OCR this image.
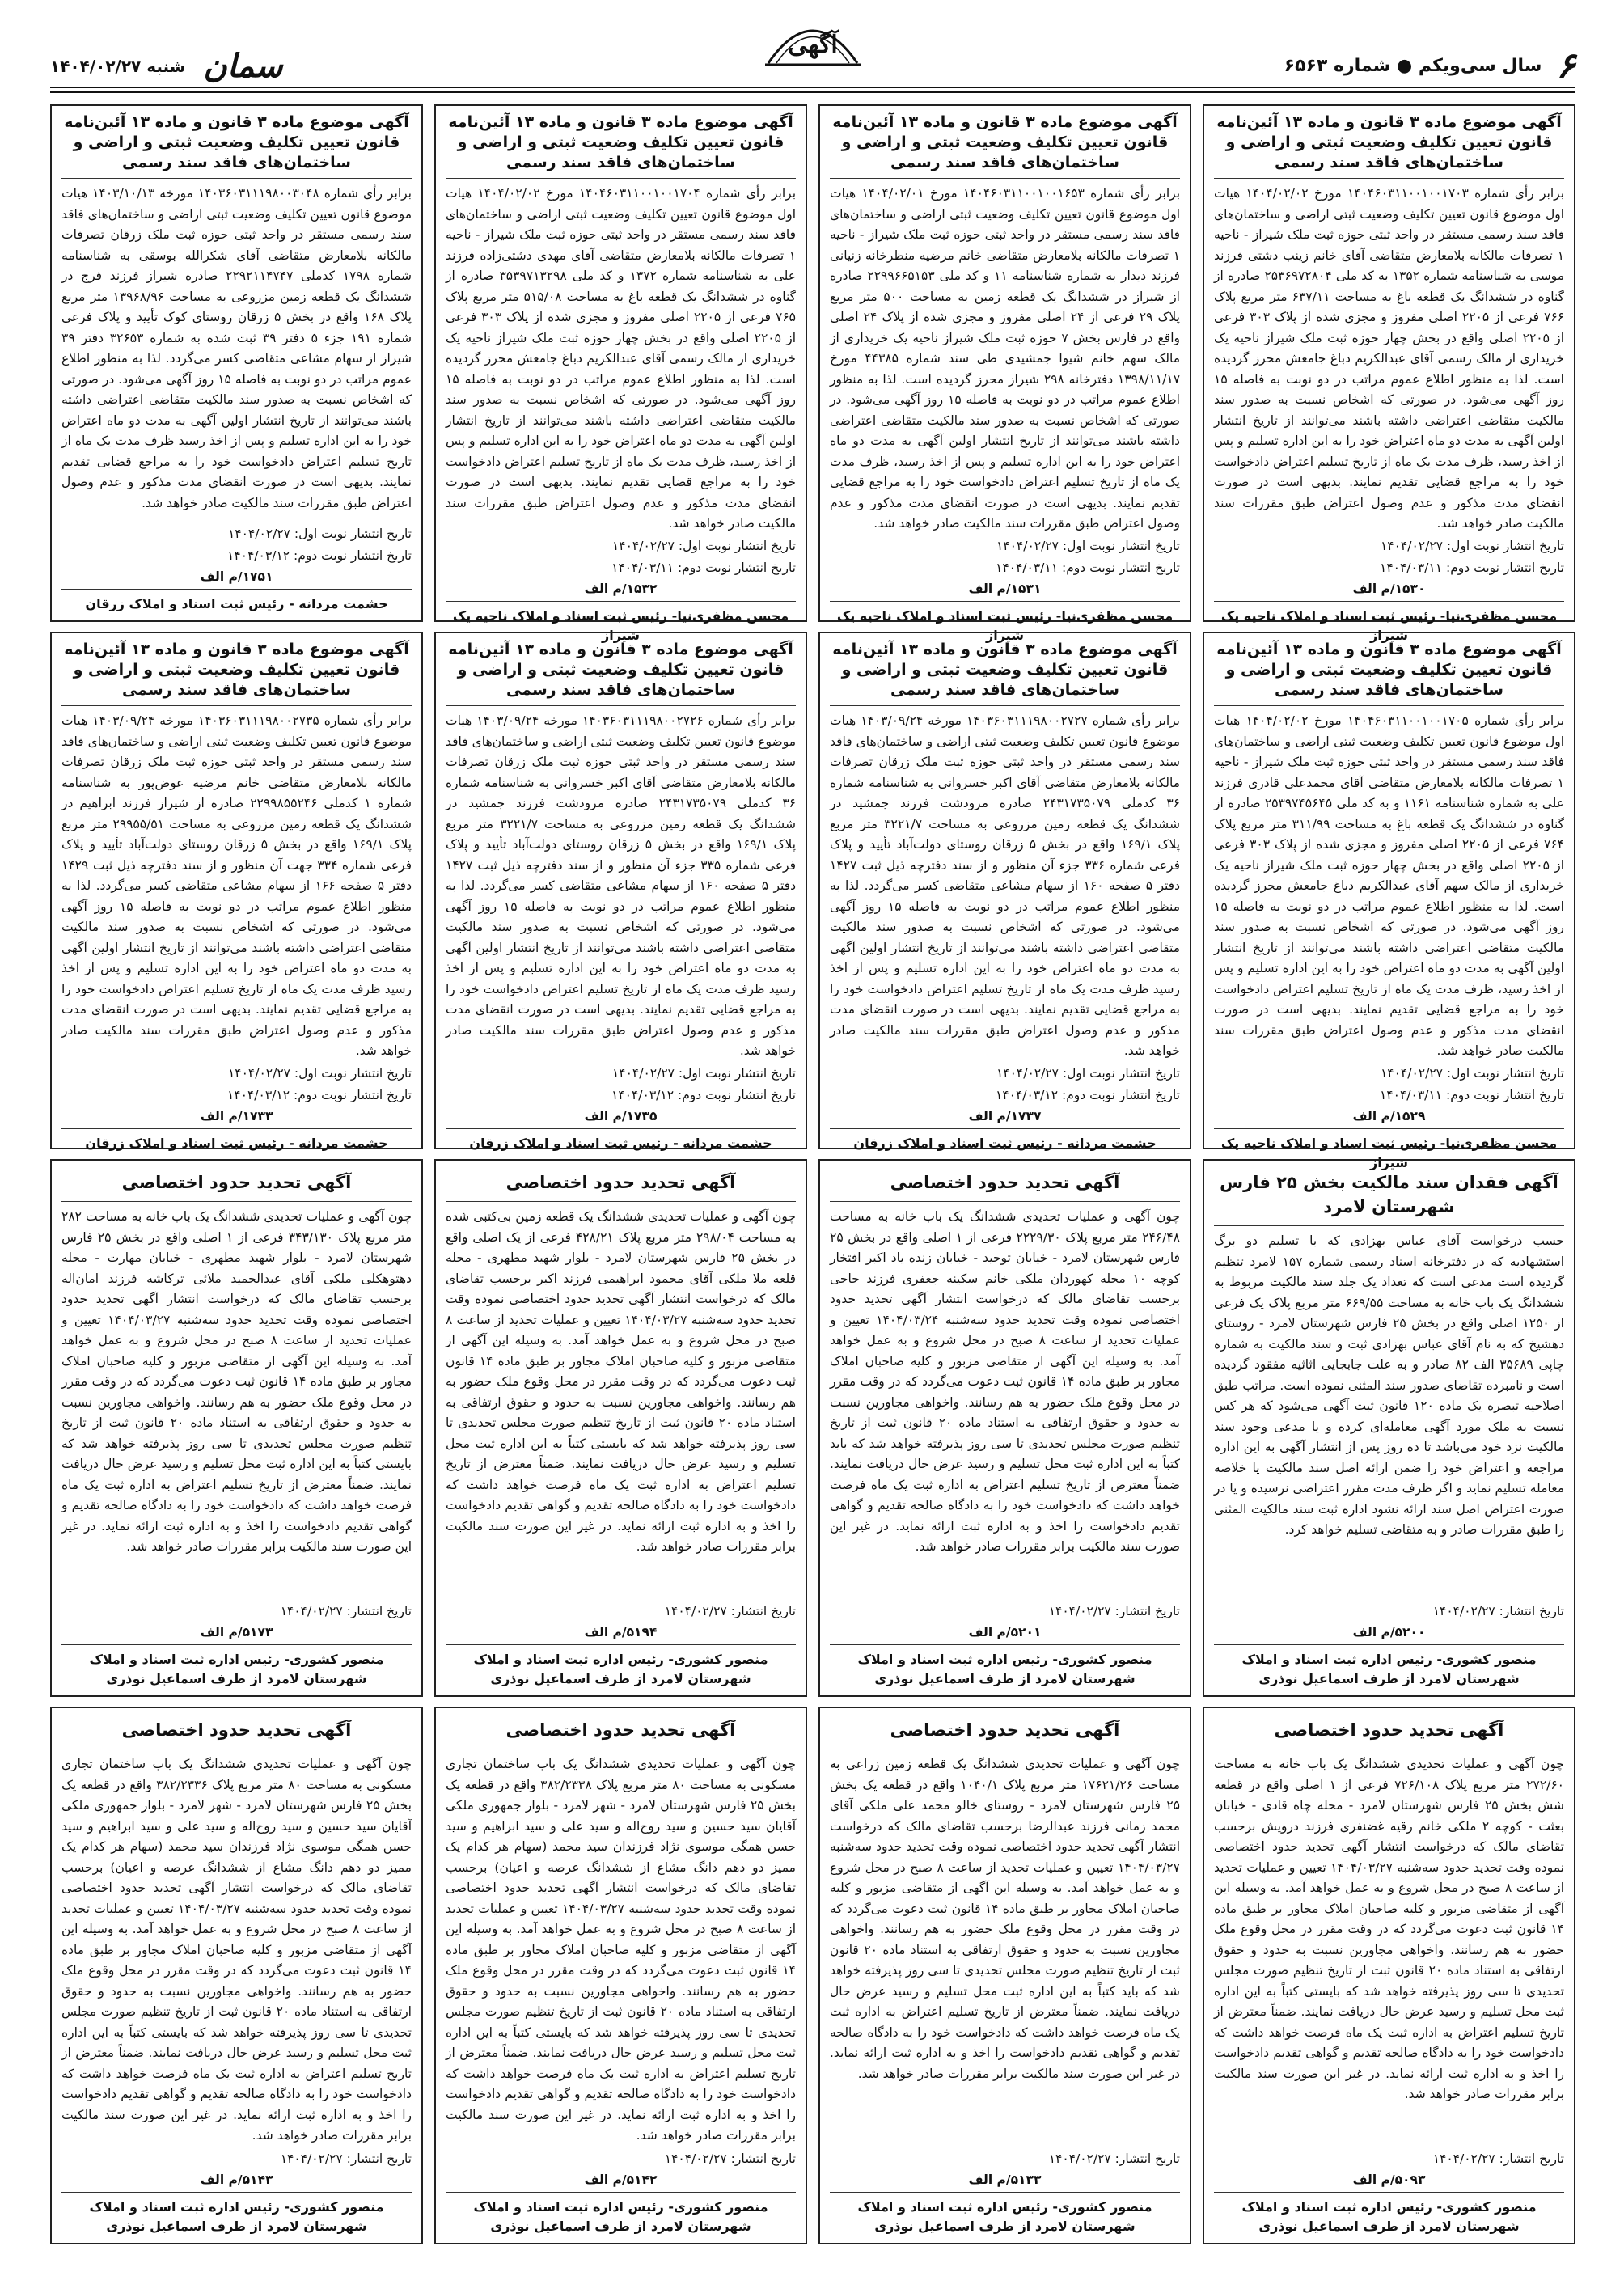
۶
سال سی‌ویکم ● شماره ۶۵۶۳
آگهی
سمان
شنبه ۱۴۰۴/۰۲/۲۷
آگهی موضوع ماده ۳ قانون و ماده ۱۳ آئین‌نامه قانون تعیین تکلیف وضعیت ثبتی و اراضی و ساختمان‌های فاقد سند رسمی
برابر رأی شماره ۱۴۰۴۶۰۳۱۱۰۰۱۰۰۱۷۰۳ مورخ ۱۴۰۴/۰۲/۰۲ هیات اول موضوع قانون تعیین تکلیف وضعیت ثبتی اراضی و ساختمان‌های فاقد سند رسمی مستقر در واحد ثبتی حوزه ثبت ملک شیراز - ناحیه ۱ تصرفات مالکانه بلامعارض متقاضی آقای خانم زینب دشتی فرزند موسی به شناسنامه شماره ۱۳۵۲ به کد ملی ۲۵۳۶۹۷۲۸۰۴ صادره از گناوه در ششدانگ یک قطعه باغ به مساحت ۶۳۷/۱۱ متر مربع پلاک ۷۶۶ فرعی از ۲۲۰۵ اصلی مفروز و مجزی شده از پلاک ۳۰۳ فرعی از ۲۲۰۵ اصلی واقع در بخش چهار حوزه ثبت ملک شیراز ناحیه یک خریداری از مالک رسمی آقای عبدالکریم دباغ جامعش محرز گردیده است. لذا به منظور اطلاع عموم مراتب در دو نوبت به فاصله ۱۵ روز آگهی می‌شود. در صورتی که اشخاص نسبت به صدور سند مالکیت متقاضی اعتراضی داشته باشند می‌توانند از تاریخ انتشار اولین آگهی به مدت دو ماه اعتراض خود را به این اداره تسلیم و پس از اخذ رسید، ظرف مدت یک ماه از تاریخ تسلیم اعتراض دادخواست خود را به مراجع قضایی تقدیم نمایند. بدیهی است در صورت انقضای مدت مذکور و عدم وصول اعتراض طبق مقررات سند مالکیت صادر خواهد شد.
تاریخ انتشار نوبت اول: ۱۴۰۴/۰۲/۲۷
تاریخ انتشار نوبت دوم: ۱۴۰۴/۰۳/۱۱
۱۵۳۰/م الف
محسن مظفری‌نیا- رئیس ثبت اسناد و املاک ناحیه یک شیراز
آگهی موضوع ماده ۳ قانون و ماده ۱۳ آئین‌نامه قانون تعیین تکلیف وضعیت ثبتی و اراضی و ساختمان‌های فاقد سند رسمی
برابر رأی شماره ۱۴۰۴۶۰۳۱۱۰۰۱۰۰۱۶۵۳ مورخ ۱۴۰۴/۰۲/۰۱ هیات اول موضوع قانون تعیین تکلیف وضعیت ثبتی اراضی و ساختمان‌های فاقد سند رسمی مستقر در واحد ثبتی حوزه ثبت ملک شیراز - ناحیه ۱ تصرفات مالکانه بلامعارض متقاضی خانم مرضیه منظرخانه زنیانی فرزند دیدار به شماره شناسنامه ۱۱ و کد ملی ۲۲۹۹۶۶۵۱۵۳ صادره از شیراز در ششدانگ یک قطعه زمین به مساحت ۵۰۰ متر مربع پلاک ۲۹ فرعی از ۲۴ اصلی مفروز و مجزی شده از پلاک ۲۴ اصلی واقع در فارس بخش ۷ حوزه ثبت ملک شیراز ناحیه یک خریداری از مالک سهم خانم شیوا جمشیدی طی سند شماره ۴۴۳۸۵ مورخ ۱۳۹۸/۱۱/۱۷ دفترخانه ۲۹۸ شیراز محرز گردیده است. لذا به منظور اطلاع عموم مراتب در دو نوبت به فاصله ۱۵ روز آگهی می‌شود. در صورتی که اشخاص نسبت به صدور سند مالکیت متقاضی اعتراضی داشته باشند می‌توانند از تاریخ انتشار اولین آگهی به مدت دو ماه اعتراض خود را به این اداره تسلیم و پس از اخذ رسید، ظرف مدت یک ماه از تاریخ تسلیم اعتراض دادخواست خود را به مراجع قضایی تقدیم نمایند. بدیهی است در صورت انقضای مدت مذکور و عدم وصول اعتراض طبق مقررات سند مالکیت صادر خواهد شد.
تاریخ انتشار نوبت اول: ۱۴۰۴/۰۲/۲۷
تاریخ انتشار نوبت دوم: ۱۴۰۴/۰۳/۱۱
۱۵۳۱/م الف
محسن مظفری‌نیا- رئیس ثبت اسناد و املاک ناحیه یک شیراز
آگهی موضوع ماده ۳ قانون و ماده ۱۳ آئین‌نامه قانون تعیین تکلیف وضعیت ثبتی و اراضی و ساختمان‌های فاقد سند رسمی
برابر رأی شماره ۱۴۰۴۶۰۳۱۱۰۰۱۰۰۱۷۰۴ مورخ ۱۴۰۴/۰۲/۰۲ هیات اول موضوع قانون تعیین تکلیف وضعیت ثبتی اراضی و ساختمان‌های فاقد سند رسمی مستقر در واحد ثبتی حوزه ثبت ملک شیراز - ناحیه ۱ تصرفات مالکانه بلامعارض متقاضی آقای مهدی دشتی‌زاده فرزند علی به شناسنامه شماره ۱۳۷۲ و کد ملی ۳۵۳۹۷۱۳۲۹۸ صادره از گناوه در ششدانگ یک قطعه باغ به مساحت ۵۱۵/۰۸ متر مربع پلاک ۷۶۵ فرعی از ۲۲۰۵ اصلی مفروز و مجزی شده از پلاک ۳۰۳ فرعی از ۲۲۰۵ اصلی واقع در بخش چهار حوزه ثبت ملک شیراز ناحیه یک خریداری از مالک رسمی آقای عبدالکریم دباغ جامعش محرز گردیده است. لذا به منظور اطلاع عموم مراتب در دو نوبت به فاصله ۱۵ روز آگهی می‌شود. در صورتی که اشخاص نسبت به صدور سند مالکیت متقاضی اعتراضی داشته باشند می‌توانند از تاریخ انتشار اولین آگهی به مدت دو ماه اعتراض خود را به این اداره تسلیم و پس از اخذ رسید، ظرف مدت یک ماه از تاریخ تسلیم اعتراض دادخواست خود را به مراجع قضایی تقدیم نمایند. بدیهی است در صورت انقضای مدت مذکور و عدم وصول اعتراض طبق مقررات سند مالکیت صادر خواهد شد.
تاریخ انتشار نوبت اول: ۱۴۰۴/۰۲/۲۷
تاریخ انتشار نوبت دوم: ۱۴۰۴/۰۳/۱۱
۱۵۳۲/م الف
محسن مظفری‌نیا- رئیس ثبت اسناد و املاک ناحیه یک شیراز
آگهی موضوع ماده ۳ قانون و ماده ۱۳ آئین‌نامه قانون تعیین تکلیف وضعیت ثبتی و اراضی و ساختمان‌های فاقد سند رسمی
برابر رأی شماره ۱۴۰۳۶۰۳۱۱۱۹۸۰۰۳۰۴۸ مورخه ۱۴۰۳/۱۰/۱۳ هیات موضوع قانون تعیین تکلیف وضعیت ثبتی اراضی و ساختمان‌های فاقد سند رسمی مستقر در واحد ثبتی حوزه ثبت ملک زرقان تصرفات مالکانه بلامعارض متقاضی آقای شکرالله بوسقی به شناسنامه شماره ۱۷۹۸ کدملی ۲۲۹۲۱۱۴۷۴۷ صادره شیراز فرزند فرج در ششدانگ یک قطعه زمین مزروعی به مساحت ۱۳۹۶۸/۹۶ متر مربع پلاک ۱۶۸ واقع در بخش ۵ زرقان روستای کوک تأیید و پلاک فرعی شماره ۱۹۱ جزء ۵ دفتر ۳۹ ثبت شده به شماره ۳۲۶۵۳ دفتر ۳۹ شیراز از سهام مشاعی متقاضی کسر می‌گردد. لذا به منظور اطلاع عموم مراتب در دو نوبت به فاصله ۱۵ روز آگهی می‌شود. در صورتی که اشخاص نسبت به صدور سند مالکیت متقاضی اعتراضی داشته باشند می‌توانند از تاریخ انتشار اولین آگهی به مدت دو ماه اعتراض خود را به این اداره تسلیم و پس از اخذ رسید ظرف مدت یک ماه از تاریخ تسلیم اعتراض دادخواست خود را به مراجع قضایی تقدیم نمایند. بدیهی است در صورت انقضای مدت مذکور و عدم وصول اعتراض طبق مقررات سند مالکیت صادر خواهد شد.
تاریخ انتشار نوبت اول: ۱۴۰۴/۰۲/۲۷
تاریخ انتشار نوبت دوم: ۱۴۰۴/۰۳/۱۲
۱۷۵۱/م الف
حشمت مردانه - رئیس ثبت اسناد و املاک زرقان
آگهی موضوع ماده ۳ قانون و ماده ۱۳ آئین‌نامه قانون تعیین تکلیف وضعیت ثبتی و اراضی و ساختمان‌های فاقد سند رسمی
برابر رأی شماره ۱۴۰۴۶۰۳۱۱۰۰۱۰۰۱۷۰۵ مورخ ۱۴۰۴/۰۲/۰۲ هیات اول موضوع قانون تعیین تکلیف وضعیت ثبتی اراضی و ساختمان‌های فاقد سند رسمی مستقر در واحد ثبتی حوزه ثبت ملک شیراز - ناحیه ۱ تصرفات مالکانه بلامعارض متقاضی آقای محمدعلی قادری فرزند علی به شماره شناسنامه ۱۱۶۱ و به کد ملی ۲۵۳۹۷۴۵۶۴۵ صادره از گناوه در ششدانگ یک قطعه باغ به مساحت ۳۱۱/۹۹ متر مربع پلاک ۷۶۴ فرعی از ۲۲۰۵ اصلی مفروز و مجزی شده از پلاک ۳۰۳ فرعی از ۲۲۰۵ اصلی واقع در بخش چهار حوزه ثبت ملک شیراز ناحیه یک خریداری از مالک سهم آقای عبدالکریم دباغ جامعش محرز گردیده است. لذا به منظور اطلاع عموم مراتب در دو نوبت به فاصله ۱۵ روز آگهی می‌شود. در صورتی که اشخاص نسبت به صدور سند مالکیت متقاضی اعتراضی داشته باشند می‌توانند از تاریخ انتشار اولین آگهی به مدت دو ماه اعتراض خود را به این اداره تسلیم و پس از اخذ رسید، ظرف مدت یک ماه از تاریخ تسلیم اعتراض دادخواست خود را به مراجع قضایی تقدیم نمایند. بدیهی است در صورت انقضای مدت مذکور و عدم وصول اعتراض طبق مقررات سند مالکیت صادر خواهد شد.
تاریخ انتشار نوبت اول: ۱۴۰۴/۰۲/۲۷
تاریخ انتشار نوبت دوم: ۱۴۰۴/۰۳/۱۱
۱۵۲۹/م الف
محسن مظفری‌نیا- رئیس ثبت اسناد و املاک ناحیه یک شیراز
آگهی موضوع ماده ۳ قانون و ماده ۱۳ آئین‌نامه قانون تعیین تکلیف وضعیت ثبتی و اراضی و ساختمان‌های فاقد سند رسمی
برابر رأی شماره ۱۴۰۳۶۰۳۱۱۱۹۸۰۰۲۷۲۷ مورخه ۱۴۰۳/۰۹/۲۴ هیات موضوع قانون تعیین تکلیف وضعیت ثبتی اراضی و ساختمان‌های فاقد سند رسمی مستقر در واحد ثبتی حوزه ثبت ملک زرقان تصرفات مالکانه بلامعارض متقاضی آقای اکبر خسروانی به شناسنامه شماره ۳۶ کدملی ۲۴۳۱۷۳۵۰۷۹ صادره مرودشت فرزند جمشید در ششدانگ یک قطعه زمین مزروعی به مساحت ۳۲۲۱/۷ متر مربع پلاک ۱۶۹/۱ واقع در بخش ۵ زرقان روستای دولت‌آباد تأیید و پلاک فرعی شماره ۳۳۶ جزء آن منظور و از سند دفترچه ذیل ثبت ۱۴۲۷ دفتر ۵ صفحه ۱۶۰ از سهام مشاعی متقاضی کسر می‌گردد. لذا به منظور اطلاع عموم مراتب در دو نوبت به فاصله ۱۵ روز آگهی می‌شود. در صورتی که اشخاص نسبت به صدور سند مالکیت متقاضی اعتراضی داشته باشند می‌توانند از تاریخ انتشار اولین آگهی به مدت دو ماه اعتراض خود را به این اداره تسلیم و پس از اخذ رسید ظرف مدت یک ماه از تاریخ تسلیم اعتراض دادخواست خود را به مراجع قضایی تقدیم نمایند. بدیهی است در صورت انقضای مدت مذکور و عدم وصول اعتراض طبق مقررات سند مالکیت صادر خواهد شد.
تاریخ انتشار نوبت اول: ۱۴۰۴/۰۲/۲۷
تاریخ انتشار نوبت دوم: ۱۴۰۴/۰۳/۱۲
۱۷۳۷/م الف
حشمت مردانه - رئیس ثبت اسناد و املاک زرقان
آگهی موضوع ماده ۳ قانون و ماده ۱۳ آئین‌نامه قانون تعیین تکلیف وضعیت ثبتی و اراضی و ساختمان‌های فاقد سند رسمی
برابر رأی شماره ۱۴۰۳۶۰۳۱۱۱۹۸۰۰۲۷۲۶ مورخه ۱۴۰۳/۰۹/۲۴ هیات موضوع قانون تعیین تکلیف وضعیت ثبتی اراضی و ساختمان‌های فاقد سند رسمی مستقر در واحد ثبتی حوزه ثبت ملک زرقان تصرفات مالکانه بلامعارض متقاضی آقای اکبر خسروانی به شناسنامه شماره ۳۶ کدملی ۲۴۳۱۷۳۵۰۷۹ صادره مرودشت فرزند جمشید در ششدانگ یک قطعه زمین مزروعی به مساحت ۳۲۲۱/۷ متر مربع پلاک ۱۶۹/۱ واقع در بخش ۵ زرقان روستای دولت‌آباد تأیید و پلاک فرعی شماره ۳۳۵ جزء آن منظور و از سند دفترچه ذیل ثبت ۱۴۲۷ دفتر ۵ صفحه ۱۶۰ از سهام مشاعی متقاضی کسر می‌گردد. لذا به منظور اطلاع عموم مراتب در دو نوبت به فاصله ۱۵ روز آگهی می‌شود. در صورتی که اشخاص نسبت به صدور سند مالکیت متقاضی اعتراضی داشته باشند می‌توانند از تاریخ انتشار اولین آگهی به مدت دو ماه اعتراض خود را به این اداره تسلیم و پس از اخذ رسید ظرف مدت یک ماه از تاریخ تسلیم اعتراض دادخواست خود را به مراجع قضایی تقدیم نمایند. بدیهی است در صورت انقضای مدت مذکور و عدم وصول اعتراض طبق مقررات سند مالکیت صادر خواهد شد.
تاریخ انتشار نوبت اول: ۱۴۰۴/۰۲/۲۷
تاریخ انتشار نوبت دوم: ۱۴۰۴/۰۳/۱۲
۱۷۳۵/م الف
حشمت مردانه - رئیس ثبت اسناد و املاک زرقان
آگهی موضوع ماده ۳ قانون و ماده ۱۳ آئین‌نامه قانون تعیین تکلیف وضعیت ثبتی و اراضی و ساختمان‌های فاقد سند رسمی
برابر رأی شماره ۱۴۰۳۶۰۳۱۱۱۹۸۰۰۲۷۳۵ مورخه ۱۴۰۳/۰۹/۲۴ هیات موضوع قانون تعیین تکلیف وضعیت ثبتی اراضی و ساختمان‌های فاقد سند رسمی مستقر در واحد ثبتی حوزه ثبت ملک زرقان تصرفات مالکانه بلامعارض متقاضی خانم مرضیه عوض‌پور به شناسنامه شماره ۱ کدملی ۲۲۹۹۸۵۵۲۴۶ صادره از شیراز فرزند ابراهیم در ششدانگ یک قطعه زمین مزروعی به مساحت ۲۹۹۵۵/۵۱ متر مربع پلاک ۱۶۹/۱ واقع در بخش ۵ زرقان روستای دولت‌آباد تأیید و پلاک فرعی شماره ۳۳۴ جهت آن منظور و از سند دفترچه ذیل ثبت ۱۴۲۹ دفتر ۵ صفحه ۱۶۶ از سهام مشاعی متقاضی کسر می‌گردد. لذا به منظور اطلاع عموم مراتب در دو نوبت به فاصله ۱۵ روز آگهی می‌شود. در صورتی که اشخاص نسبت به صدور سند مالکیت متقاضی اعتراضی داشته باشند می‌توانند از تاریخ انتشار اولین آگهی به مدت دو ماه اعتراض خود را به این اداره تسلیم و پس از اخذ رسید ظرف مدت یک ماه از تاریخ تسلیم اعتراض دادخواست خود را به مراجع قضایی تقدیم نمایند. بدیهی است در صورت انقضای مدت مذکور و عدم وصول اعتراض طبق مقررات سند مالکیت صادر خواهد شد.
تاریخ انتشار نوبت اول: ۱۴۰۴/۰۲/۲۷
تاریخ انتشار نوبت دوم: ۱۴۰۴/۰۳/۱۲
۱۷۳۳/م الف
حشمت مردانه - رئیس ثبت اسناد و املاک زرقان
آگهی فقدان سند مالکیت بخش ۲۵ فارس شهرستان لامرد
حسب درخواست آقای عباس بهزادی که با تسلیم دو برگ استشهادیه که در دفترخانه اسناد رسمی شماره ۱۵۷ لامرد تنظیم گردیده است مدعی است که تعداد یک جلد سند مالکیت مربوط به ششدانگ یک باب خانه به مساحت ۶۶۹/۵۵ متر مربع پلاک یک فرعی از ۱۲۵۰ اصلی واقع در بخش ۲۵ فارس شهرستان لامرد - روستای دهشیخ که به نام آقای عباس بهزادی ثبت و سند مالکیت به شماره چاپی ۳۵۶۸۹ الف ۸۲ صادر و به علت جابجایی اثاثیه مفقود گردیده است و نامبرده تقاضای صدور سند المثنی نموده است. مراتب طبق اصلاحیه تبصره یک ماده ۱۲۰ قانون ثبت آگهی می‌شود که هر کس نسبت به ملک مورد آگهی معامله‌ای کرده و یا مدعی وجود سند مالکیت نزد خود می‌باشد تا ده روز پس از انتشار آگهی به این اداره مراجعه و اعتراض خود را ضمن ارائه اصل سند مالکیت یا خلاصه معامله تسلیم نماید و اگر ظرف مدت مقرر اعتراضی نرسیده و یا در صورت اعتراض اصل سند ارائه نشود اداره ثبت سند مالکیت المثنی را طبق مقررات صادر و به متقاضی تسلیم خواهد کرد.
تاریخ انتشار: ۱۴۰۴/۰۲/۲۷
۵۲۰۰/م الف
منصور کشوری- رئیس اداره ثبت اسناد و املاک شهرستان لامرد از طرف اسماعیل نوذری
آگهی تحدید حدود اختصاصی
چون آگهی و عملیات تحدیدی ششدانگ یک باب خانه به مساحت ۲۴۶/۴۸ متر مربع پلاک ۲۲۲۹/۳۰ فرعی از ۱ اصلی واقع در بخش ۲۵ فارس شهرستان لامرد - خیابان توحید - خیابان زنده یاد اکبر افتخار کوچه ۱۰ محله کهوردان ملکی خانم سکینه جعفری فرزند حاجی برحسب تقاضای مالک که درخواست انتشار آگهی تحدید حدود اختصاصی نموده وقت تحدید حدود سه‌شنبه ۱۴۰۴/۰۳/۲۴ تعیین و عملیات تحدید از ساعت ۸ صبح در محل شروع و به عمل خواهد آمد. به وسیله این آگهی از متقاضی مزبور و کلیه صاحبان املاک مجاور بر طبق ماده ۱۴ قانون ثبت دعوت می‌گردد که در وقت مقرر در محل وقوع ملک حضور به هم رسانند. واخواهی مجاورین نسبت به حدود و حقوق ارتفاقی به استناد ماده ۲۰ قانون ثبت از تاریخ تنظیم صورت مجلس تحدیدی تا سی روز پذیرفته خواهد شد که باید کتباً به این اداره ثبت محل تسلیم و رسید عرض حال دریافت نمایند. ضمناً معترض از تاریخ تسلیم اعتراض به اداره ثبت یک ماه فرصت خواهد داشت که دادخواست خود را به دادگاه صالحه تقدیم و گواهی تقدیم دادخواست را اخذ و به اداره ثبت ارائه نماید. در غیر این صورت سند مالکیت برابر مقررات صادر خواهد شد.
تاریخ انتشار: ۱۴۰۴/۰۲/۲۷
۵۲۰۱/م الف
منصور کشوری- رئیس اداره ثبت اسناد و املاک شهرستان لامرد از طرف اسماعیل نوذری
آگهی تحدید حدود اختصاصی
چون آگهی و عملیات تحدیدی ششدانگ یک قطعه زمین بی‌کتبی شده به مساحت ۲۹۸/۰۴ متر مربع پلاک ۴۲۸/۲۱ فرعی از یک اصلی واقع در بخش ۲۵ فارس شهرستان لامرد - بلوار شهید مطهری - محله قلعه ملا ملکی آقای محمود ابراهیمی فرزند اکبر برحسب تقاضای مالک که درخواست انتشار آگهی تحدید حدود اختصاصی نموده وقت تحدید حدود سه‌شنبه ۱۴۰۴/۰۳/۲۷ تعیین و عملیات تحدید از ساعت ۸ صبح در محل شروع و به عمل خواهد آمد. به وسیله این آگهی از متقاضی مزبور و کلیه صاحبان املاک مجاور بر طبق ماده ۱۴ قانون ثبت دعوت می‌گردد که در وقت مقرر در محل وقوع ملک حضور به هم رسانند. واخواهی مجاورین نسبت به حدود و حقوق ارتفاقی به استناد ماده ۲۰ قانون ثبت از تاریخ تنظیم صورت مجلس تحدیدی تا سی روز پذیرفته خواهد شد که بایستی کتباً به این اداره ثبت محل تسلیم و رسید عرض حال دریافت نمایند. ضمناً معترض از تاریخ تسلیم اعتراض به اداره ثبت یک ماه فرصت خواهد داشت که دادخواست خود را به دادگاه صالحه تقدیم و گواهی تقدیم دادخواست را اخذ و به اداره ثبت ارائه نماید. در غیر این صورت سند مالکیت برابر مقررات صادر خواهد شد.
تاریخ انتشار: ۱۴۰۴/۰۲/۲۷
۵۱۹۴/م الف
منصور کشوری- رئیس اداره ثبت اسناد و املاک شهرستان لامرد از طرف اسماعیل نوذری
آگهی تحدید حدود اختصاصی
چون آگهی و عملیات تحدیدی ششدانگ یک باب خانه به مساحت ۲۸۲ متر مربع پلاک ۳۴۳/۱۳۰ فرعی از ۱ اصلی واقع در بخش ۲۵ فارس شهرستان لامرد - بلوار شهید مطهری - خیابان مهارت - محله دهتوهکلی ملکی آقای عبدالحمید ملائی ترکاشه فرزند امان‌اله برحسب تقاضای مالک که درخواست انتشار آگهی تحدید حدود اختصاصی نموده وقت تحدید حدود سه‌شنبه ۱۴۰۴/۰۳/۲۷ تعیین و عملیات تحدید از ساعت ۸ صبح در محل شروع و به عمل خواهد آمد. به وسیله این آگهی از متقاضی مزبور و کلیه صاحبان املاک مجاور بر طبق ماده ۱۴ قانون ثبت دعوت می‌گردد که در وقت مقرر در محل وقوع ملک حضور به هم رسانند. واخواهی مجاورین نسبت به حدود و حقوق ارتفاقی به استناد ماده ۲۰ قانون ثبت از تاریخ تنظیم صورت مجلس تحدیدی تا سی روز پذیرفته خواهد شد که بایستی کتباً به این اداره ثبت محل تسلیم و رسید عرض حال دریافت نمایند. ضمناً معترض از تاریخ تسلیم اعتراض به اداره ثبت یک ماه فرصت خواهد داشت که دادخواست خود را به دادگاه صالحه تقدیم و گواهی تقدیم دادخواست را اخذ و به اداره ثبت ارائه نماید. در غیر این صورت سند مالکیت برابر مقررات صادر خواهد شد.
تاریخ انتشار: ۱۴۰۴/۰۲/۲۷
۵۱۷۳/م الف
منصور کشوری- رئیس اداره ثبت اسناد و املاک شهرستان لامرد از طرف اسماعیل نوذری
آگهی تحدید حدود اختصاصی
چون آگهی و عملیات تحدیدی ششدانگ یک باب خانه به مساحت ۲۷۲/۶۰ متر مربع پلاک ۷۲۶/۱۰۸ فرعی از ۱ اصلی واقع در قطعه شش بخش ۲۵ فارس شهرستان لامرد - محله چاه قادی - خیابان بعثت - کوچه ۲ ملکی خانم رقیه غضنفری فرزند درویش برحسب تقاضای مالک که درخواست انتشار آگهی تحدید حدود اختصاصی نموده وقت تحدید حدود سه‌شنبه ۱۴۰۴/۰۳/۲۷ تعیین و عملیات تحدید از ساعت ۸ صبح در محل شروع و به عمل خواهد آمد. به وسیله این آگهی از متقاضی مزبور و کلیه صاحبان املاک مجاور بر طبق ماده ۱۴ قانون ثبت دعوت می‌گردد که در وقت مقرر در محل وقوع ملک حضور به هم رسانند. واخواهی مجاورین نسبت به حدود و حقوق ارتفاقی به استناد ماده ۲۰ قانون ثبت از تاریخ تنظیم صورت مجلس تحدیدی تا سی روز پذیرفته خواهد شد که بایستی کتباً به این اداره ثبت محل تسلیم و رسید عرض حال دریافت نمایند. ضمناً معترض از تاریخ تسلیم اعتراض به اداره ثبت یک ماه فرصت خواهد داشت که دادخواست خود را به دادگاه صالحه تقدیم و گواهی تقدیم دادخواست را اخذ و به اداره ثبت ارائه نماید. در غیر این صورت سند مالکیت برابر مقررات صادر خواهد شد.
تاریخ انتشار: ۱۴۰۴/۰۲/۲۷
۵۰۹۳/م الف
منصور کشوری- رئیس اداره ثبت اسناد و املاک شهرستان لامرد از طرف اسماعیل نوذری
آگهی تحدید حدود اختصاصی
چون آگهی و عملیات تحدیدی ششدانگ یک قطعه زمین زراعی به مساحت ۱۷۶۲۱/۲۶ متر مربع پلاک ۱۰۴۰/۱ واقع در قطعه یک بخش ۲۵ فارس شهرستان لامرد - روستای خالو محمد علی ملکی آقای محمد زمانی فرزند عبدالرضا برحسب تقاضای مالک که درخواست انتشار آگهی تحدید حدود اختصاصی نموده وقت تحدید حدود سه‌شنبه ۱۴۰۴/۰۳/۲۷ تعیین و عملیات تحدید از ساعت ۸ صبح در محل شروع و به عمل خواهد آمد. به وسیله این آگهی از متقاضی مزبور و کلیه صاحبان املاک مجاور بر طبق ماده ۱۴ قانون ثبت دعوت می‌گردد که در وقت مقرر در محل وقوع ملک حضور به هم رسانند. واخواهی مجاورین نسبت به حدود و حقوق ارتفاقی به استناد ماده ۲۰ قانون ثبت از تاریخ تنظیم صورت مجلس تحدیدی تا سی روز پذیرفته خواهد شد که باید کتباً به این اداره ثبت محل تسلیم و رسید عرض حال دریافت نمایند. ضمناً معترض از تاریخ تسلیم اعتراض به اداره ثبت یک ماه فرصت خواهد داشت که دادخواست خود را به دادگاه صالحه تقدیم و گواهی تقدیم دادخواست را اخذ و به اداره ثبت ارائه نماید. در غیر این صورت سند مالکیت برابر مقررات صادر خواهد شد.
تاریخ انتشار: ۱۴۰۴/۰۲/۲۷
۵۱۳۳/م الف
منصور کشوری- رئیس اداره ثبت اسناد و املاک شهرستان لامرد از طرف اسماعیل نوذری
آگهی تحدید حدود اختصاصی
چون آگهی و عملیات تحدیدی ششدانگ یک باب ساختمان تجاری مسکونی به مساحت ۸۰ متر مربع پلاک ۳۸۲/۲۳۳۸ واقع در قطعه یک بخش ۲۵ فارس شهرستان لامرد - شهر لامرد - بلوار جمهوری ملکی آقایان سید حسین و سید روح‌اله و سید علی و سید ابراهیم و سید حسن همگی موسوی نژاد فرزندان سید محمد (سهام هر کدام یک ممیز دو دهم دانگ مشاع از ششدانگ عرصه و اعیان) برحسب تقاضای مالک که درخواست انتشار آگهی تحدید حدود اختصاصی نموده وقت تحدید حدود سه‌شنبه ۱۴۰۴/۰۳/۲۷ تعیین و عملیات تحدید از ساعت ۸ صبح در محل شروع و به عمل خواهد آمد. به وسیله این آگهی از متقاضی مزبور و کلیه صاحبان املاک مجاور بر طبق ماده ۱۴ قانون ثبت دعوت می‌گردد که در وقت مقرر در محل وقوع ملک حضور به هم رسانند. واخواهی مجاورین نسبت به حدود و حقوق ارتفاقی به استناد ماده ۲۰ قانون ثبت از تاریخ تنظیم صورت مجلس تحدیدی تا سی روز پذیرفته خواهد شد که بایستی کتباً به این اداره ثبت محل تسلیم و رسید عرض حال دریافت نمایند. ضمناً معترض از تاریخ تسلیم اعتراض به اداره ثبت یک ماه فرصت خواهد داشت که دادخواست خود را به دادگاه صالحه تقدیم و گواهی تقدیم دادخواست را اخذ و به اداره ثبت ارائه نماید. در غیر این صورت سند مالکیت برابر مقررات صادر خواهد شد.
تاریخ انتشار: ۱۴۰۴/۰۲/۲۷
۵۱۴۲/م الف
منصور کشوری- رئیس اداره ثبت اسناد و املاک شهرستان لامرد از طرف اسماعیل نوذری
آگهی تحدید حدود اختصاصی
چون آگهی و عملیات تحدیدی ششدانگ یک باب ساختمان تجاری مسکونی به مساحت ۸۰ متر مربع پلاک ۳۸۲/۲۳۳۶ واقع در قطعه یک بخش ۲۵ فارس شهرستان لامرد - شهر لامرد - بلوار جمهوری ملکی آقایان سید حسین و سید روح‌اله و سید علی و سید ابراهیم و سید حسن همگی موسوی نژاد فرزندان سید محمد (سهام هر کدام یک ممیز دو دهم دانگ مشاع از ششدانگ عرصه و اعیان) برحسب تقاضای مالک که درخواست انتشار آگهی تحدید حدود اختصاصی نموده وقت تحدید حدود سه‌شنبه ۱۴۰۴/۰۳/۲۷ تعیین و عملیات تحدید از ساعت ۸ صبح در محل شروع و به عمل خواهد آمد. به وسیله این آگهی از متقاضی مزبور و کلیه صاحبان املاک مجاور بر طبق ماده ۱۴ قانون ثبت دعوت می‌گردد که در وقت مقرر در محل وقوع ملک حضور به هم رسانند. واخواهی مجاورین نسبت به حدود و حقوق ارتفاقی به استناد ماده ۲۰ قانون ثبت از تاریخ تنظیم صورت مجلس تحدیدی تا سی روز پذیرفته خواهد شد که بایستی کتباً به این اداره ثبت محل تسلیم و رسید عرض حال دریافت نمایند. ضمناً معترض از تاریخ تسلیم اعتراض به اداره ثبت یک ماه فرصت خواهد داشت که دادخواست خود را به دادگاه صالحه تقدیم و گواهی تقدیم دادخواست را اخذ و به اداره ثبت ارائه نماید. در غیر این صورت سند مالکیت برابر مقررات صادر خواهد شد.
تاریخ انتشار: ۱۴۰۴/۰۲/۲۷
۵۱۴۳/م الف
منصور کشوری- رئیس اداره ثبت اسناد و املاک شهرستان لامرد از طرف اسماعیل نوذری
